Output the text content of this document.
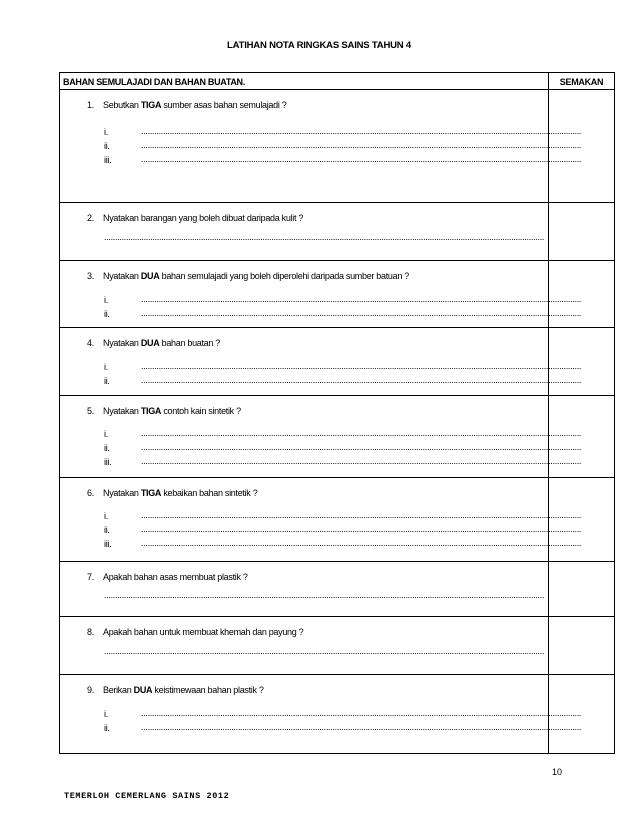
LATIHAN NOTA RINGKAS SAINS TAHUN 4
BAHAN SEMULAJADI DAN BAHAN BUATAN.	SEMAKAN

1. Sebutkan TIGA sumber asas bahan semulajadi ?
i. ........................................................................................................................................................................................................
ii. ........................................................................................................................................................................................................
iii. ........................................................................................................................................................................................................	

2. Nyatakan barangan yang boleh dibuat daripada kulit ?
........................................................................................................................................................................................................	

3. Nyatakan DUA bahan semulajadi yang boleh diperolehi daripada sumber batuan ?
i. ........................................................................................................................................................................................................
ii. ........................................................................................................................................................................................................	

4. Nyatakan DUA bahan buatan ?
i. ........................................................................................................................................................................................................
ii. ........................................................................................................................................................................................................	

5. Nyatakan TIGA contoh kain sintetik ?
i. ........................................................................................................................................................................................................
ii. ........................................................................................................................................................................................................
iii. ........................................................................................................................................................................................................	

6. Nyatakan TIGA kebaikan bahan sintetik ?
i. ........................................................................................................................................................................................................
ii. ........................................................................................................................................................................................................
iii. ........................................................................................................................................................................................................	

7. Apakah bahan asas membuat plastik ?
........................................................................................................................................................................................................	

8. Apakah bahan untuk membuat khemah dan payung ?
........................................................................................................................................................................................................	

9. Berikan DUA keistimewaan bahan plastik ?
i. ........................................................................................................................................................................................................
ii. ........................................................................................................................................................................................................	

10
TEMERLOH CEMERLANG SAINS 2012
